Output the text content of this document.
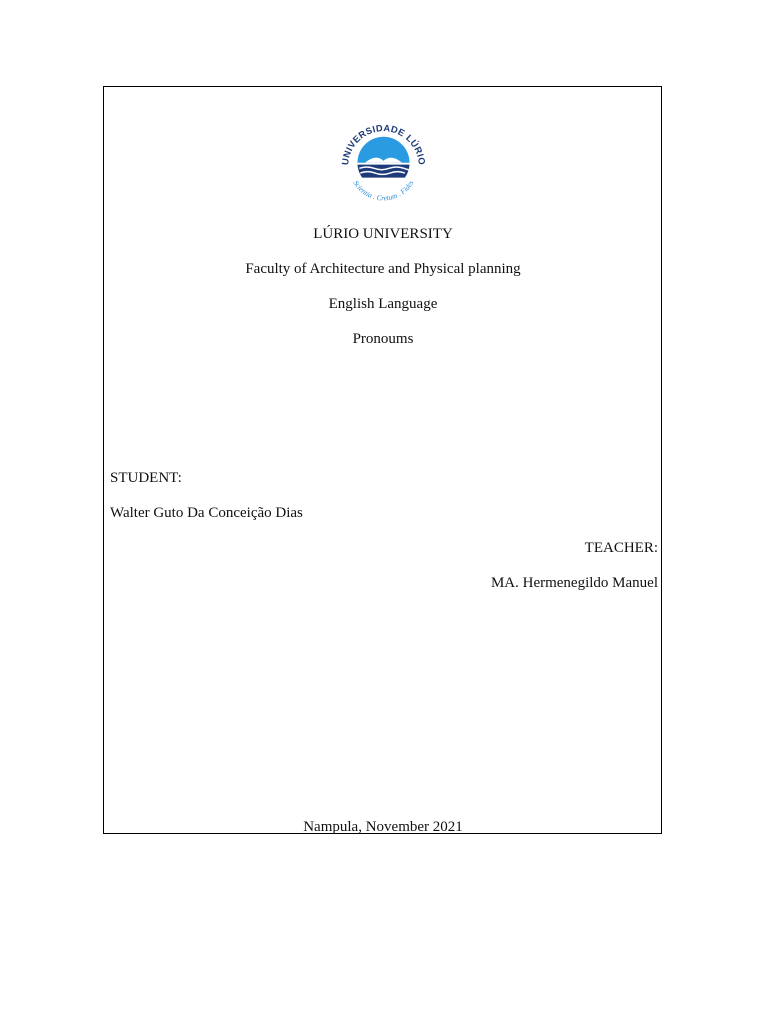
UNIVERSIDADE LÚRIO
Scientia . Cretum . Fides
LÚRIO UNIVERSITY
Faculty of Architecture and Physical planning
English Language
Pronoums
STUDENT:
Walter Guto Da Conceição Dias
TEACHER:
MA. Hermenegildo Manuel
Nampula, November 2021
